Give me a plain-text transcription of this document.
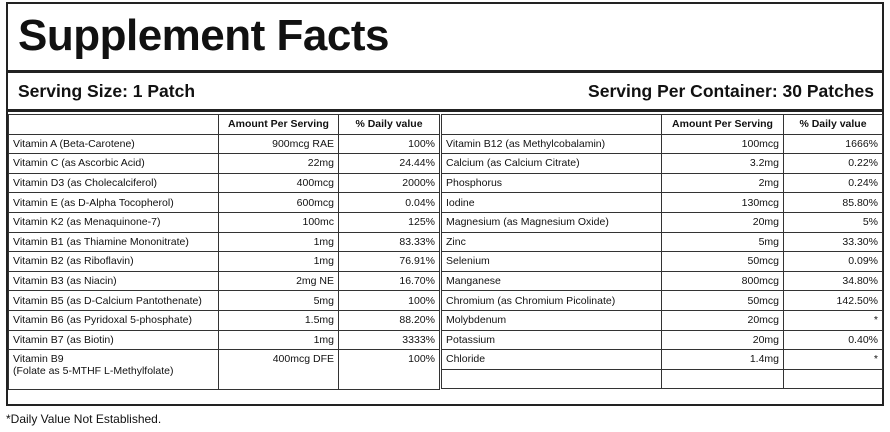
Supplement Facts
Serving Size: 1 Patch	Serving Per Container: 30 Patches
	Amount Per Serving	% Daily value

Vitamin A (Beta-Carotene)	900mcg RAE	100%

Vitamin C (as Ascorbic Acid)	22mg	24.44%

Vitamin D3 (as Cholecalciferol)	400mcg	2000%

Vitamin E (as D-Alpha Tocopherol)	600mcg	0.04%

Vitamin K2 (as Menaquinone-7)	100mc	125%

Vitamin B1 (as Thiamine Mononitrate)	1mg	83.33%

Vitamin B2 (as Riboflavin)	1mg	76.91%

Vitamin B3 (as Niacin)	2mg NE	16.70%

Vitamin B5 (as D-Calcium Pantothenate)	5mg	100%

Vitamin B6 (as Pyridoxal 5-phosphate)	1.5mg	88.20%

Vitamin B7 (as Biotin)	1mg	3333%

Vitamin B9
(Folate as 5-MTHF L-Methylfolate)	400mcg DFE	100%
	Amount Per Serving	% Daily value

Vitamin B12 (as Methylcobalamin)	100mcg	1666%

Calcium (as Calcium Citrate)	3.2mg	0.22%

Phosphorus	2mg	0.24%

Iodine	130mcg	85.80%

Magnesium (as Magnesium Oxide)	20mg	5%

Zinc	5mg	33.30%

Selenium	50mcg	0.09%

Manganese	800mcg	34.80%

Chromium (as Chromium Picolinate)	50mcg	142.50%

Molybdenum	20mcg	*

Potassium	20mg	0.40%

Chloride	1.4mg	*

*Daily Value Not Established.
